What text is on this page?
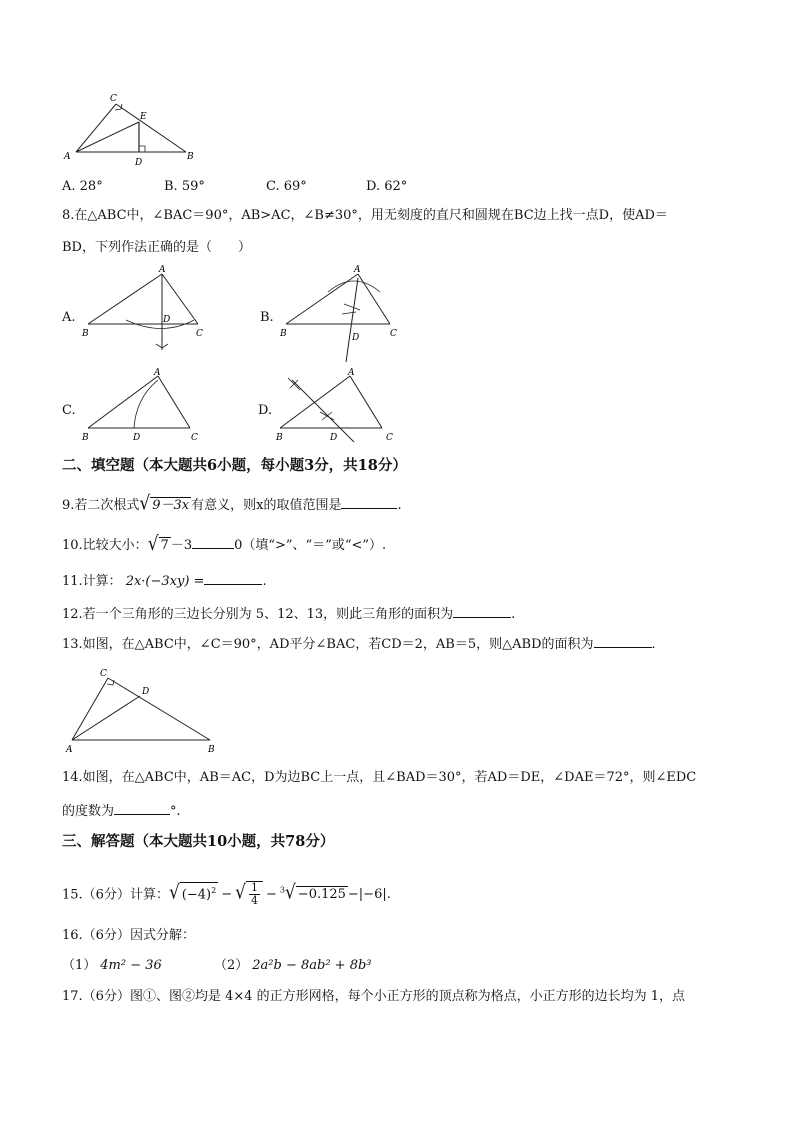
C
E
A
D
B
A. 28°	B. 59°	C. 69°	D. 62°
8.在△ABC中，∠BAC＝90°，AB>AC，∠B≠30°，用无刻度的直尺和圆规在BC边上找一点D，使AD＝
BD，下列作法正确的是（　　）
A.
A
B
D
C
B.
A
B	D	C
C.
A
B	D	C
D.
A
B	D	C
二、填空题（本大题共6小题，每小题3分，共18分）
9.若二次根式√ 9－3x 有意义，则x的取值范围是	.
10.比较大小：√ 7 －3	0（填“>”、“＝”或“<”）.
11.计算： 2x·(−3xy) =	.
12.若一个三角形的三边长分别为 5、12、13，则此三角形的面积为	.
13.如图，在△ABC中，∠C＝90°，AD平分∠BAC，若CD＝2，AB＝5，则△ABD的面积为	.
C
D
A	B
14.如图，在△ABC中，AB＝AC，D为边BC上一点，且∠BAD＝30°，若AD＝DE，∠DAE＝72°，则∠EDC
的度数为	°.
三、解答题（本大题共10小题，共78分）
15.（6分）计算：√ $(-4)^2$ − √ $\frac{1}{4} - ^3√ -0.125 -|-6|$.
16.（6分）因式分解：
（1） 4m² − 36	（2） 2a²b − 8ab² + 8b³
17.（6分）图①、图②均是 4×4 的正方形网格，每个小正方形的顶点称为格点，小正方形的边长均为 1，点
